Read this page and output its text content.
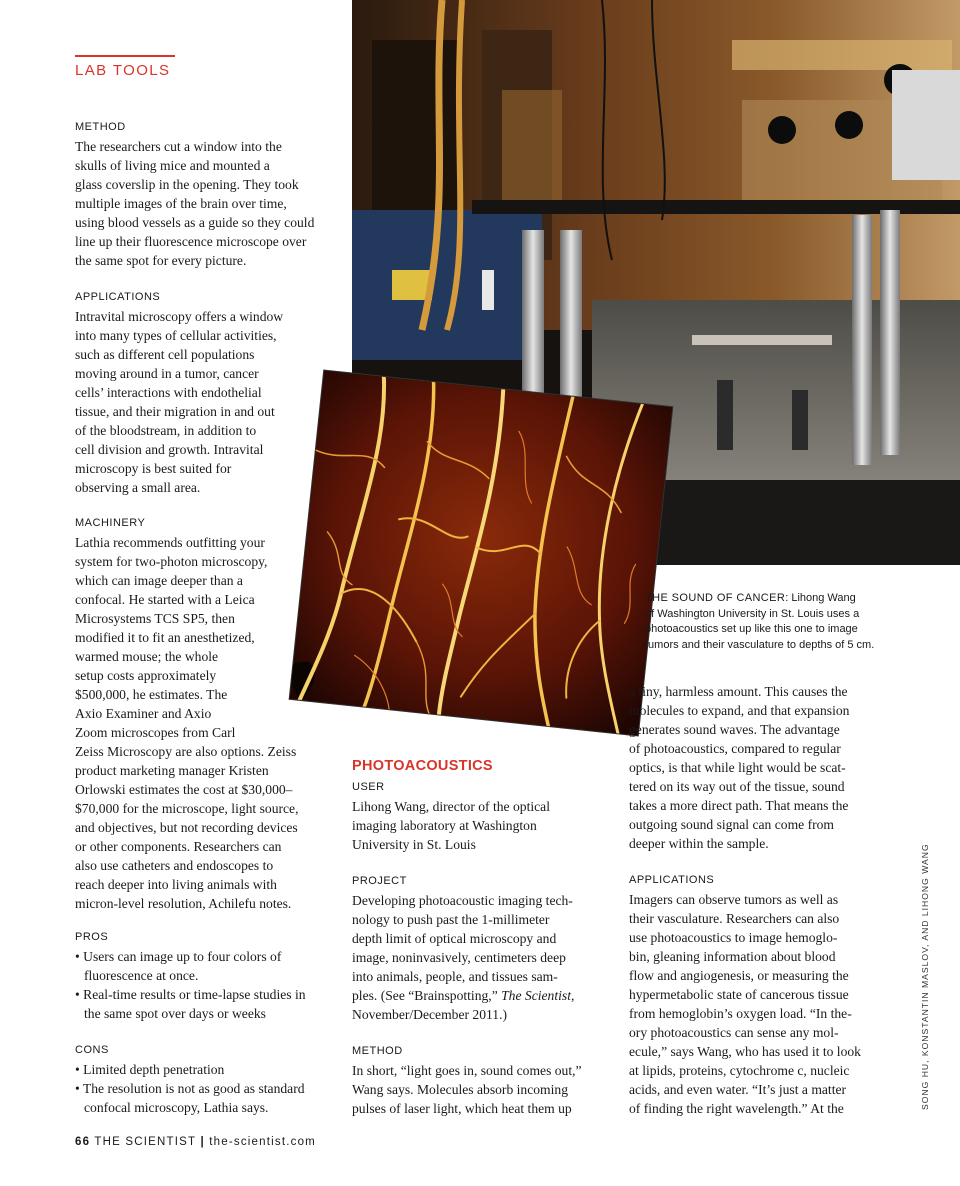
LAB TOOLS
METHOD

The researchers cut a window into the
skulls of living mice and mounted a
glass coverslip in the opening. They took
multiple images of the brain over time,
using blood vessels as a guide so they could
line up their fluorescence microscope over
the same spot for every picture.

APPLICATIONS

Intravital microscopy offers a window
into many types of cellular activities,
such as different cell populations
moving around in a tumor, cancer
cells’ interactions with endothelial
tissue, and their migration in and out
of the bloodstream, in addition to
cell division and growth. Intravital
microscopy is best suited for
observing a small area.

MACHINERY

Lathia recommends outfitting your
system for two-photon microscopy,
which can image deeper than a
confocal. He started with a Leica
Microsystems TCS SP5, then
modified it to fit an anesthetized,
warmed mouse; the whole
setup costs approximately
$500,000, he estimates. The
Axio Examiner and Axio
Zoom microscopes from Carl
Zeiss Microscopy are also options. Zeiss
product marketing manager Kristen
Orlowski estimates the cost at $30,000–
$70,000 for the microscope, light source,
and objectives, but not recording devices
or other components. Researchers can
also use catheters and endoscopes to
reach deeper into living animals with
micron-level resolution, Achilefu notes.

PROS
• Users can image up to four colors of
fluorescence at once.
• Real-time results or time-lapse studies in
the same spot over days or weeks
CONS
• Limited depth penetration
• The resolution is not as good as standard
confocal microscopy, Lathia says.
THE SOUND OF CANCER: Lihong Wang
of Washington University in St. Louis uses a
photoacoustics set up like this one to image
tumors and their vasculature to depths of 5 cm.

PHOTOACOUSTICS
USER

Lihong Wang, director of the optical
imaging laboratory at Washington
University in St. Louis

PROJECT

Developing photoacoustic imaging tech-
nology to push past the 1-millimeter
depth limit of optical microscopy and
image, noninvasively, centimeters deep
into animals, people, and tissues sam-
ples. (See “Brainspotting,” The Scientist,
November/December 2011.)

METHOD

In short, “light goes in, sound comes out,”
Wang says. Molecules absorb incoming
pulses of laser light, which heat them up

a tiny, harmless amount. This causes the
molecules to expand, and that expansion
generates sound waves. The advantage
of photoacoustics, compared to regular
optics, is that while light would be scat-
tered on its way out of the tissue, sound
takes a more direct path. That means the
outgoing sound signal can come from
deeper within the sample.

APPLICATIONS

Imagers can observe tumors as well as
their vasculature. Researchers can also
use photoacoustics to image hemoglo-
bin, gleaning information about blood
flow and angiogenesis, or measuring the
hypermetabolic state of cancerous tissue
from hemoglobin’s oxygen load. “In the-
ory photoacoustics can sense any mol-
ecule,” says Wang, who has used it to look
at lipids, proteins, cytochrome c, nucleic
acids, and even water. “It’s just a matter
of finding the right wavelength.” At the	SONG HU, KONSTANTIN MASLOV, AND LIHONG WANG
66 THE SCIENTIST | the-scientist.com
